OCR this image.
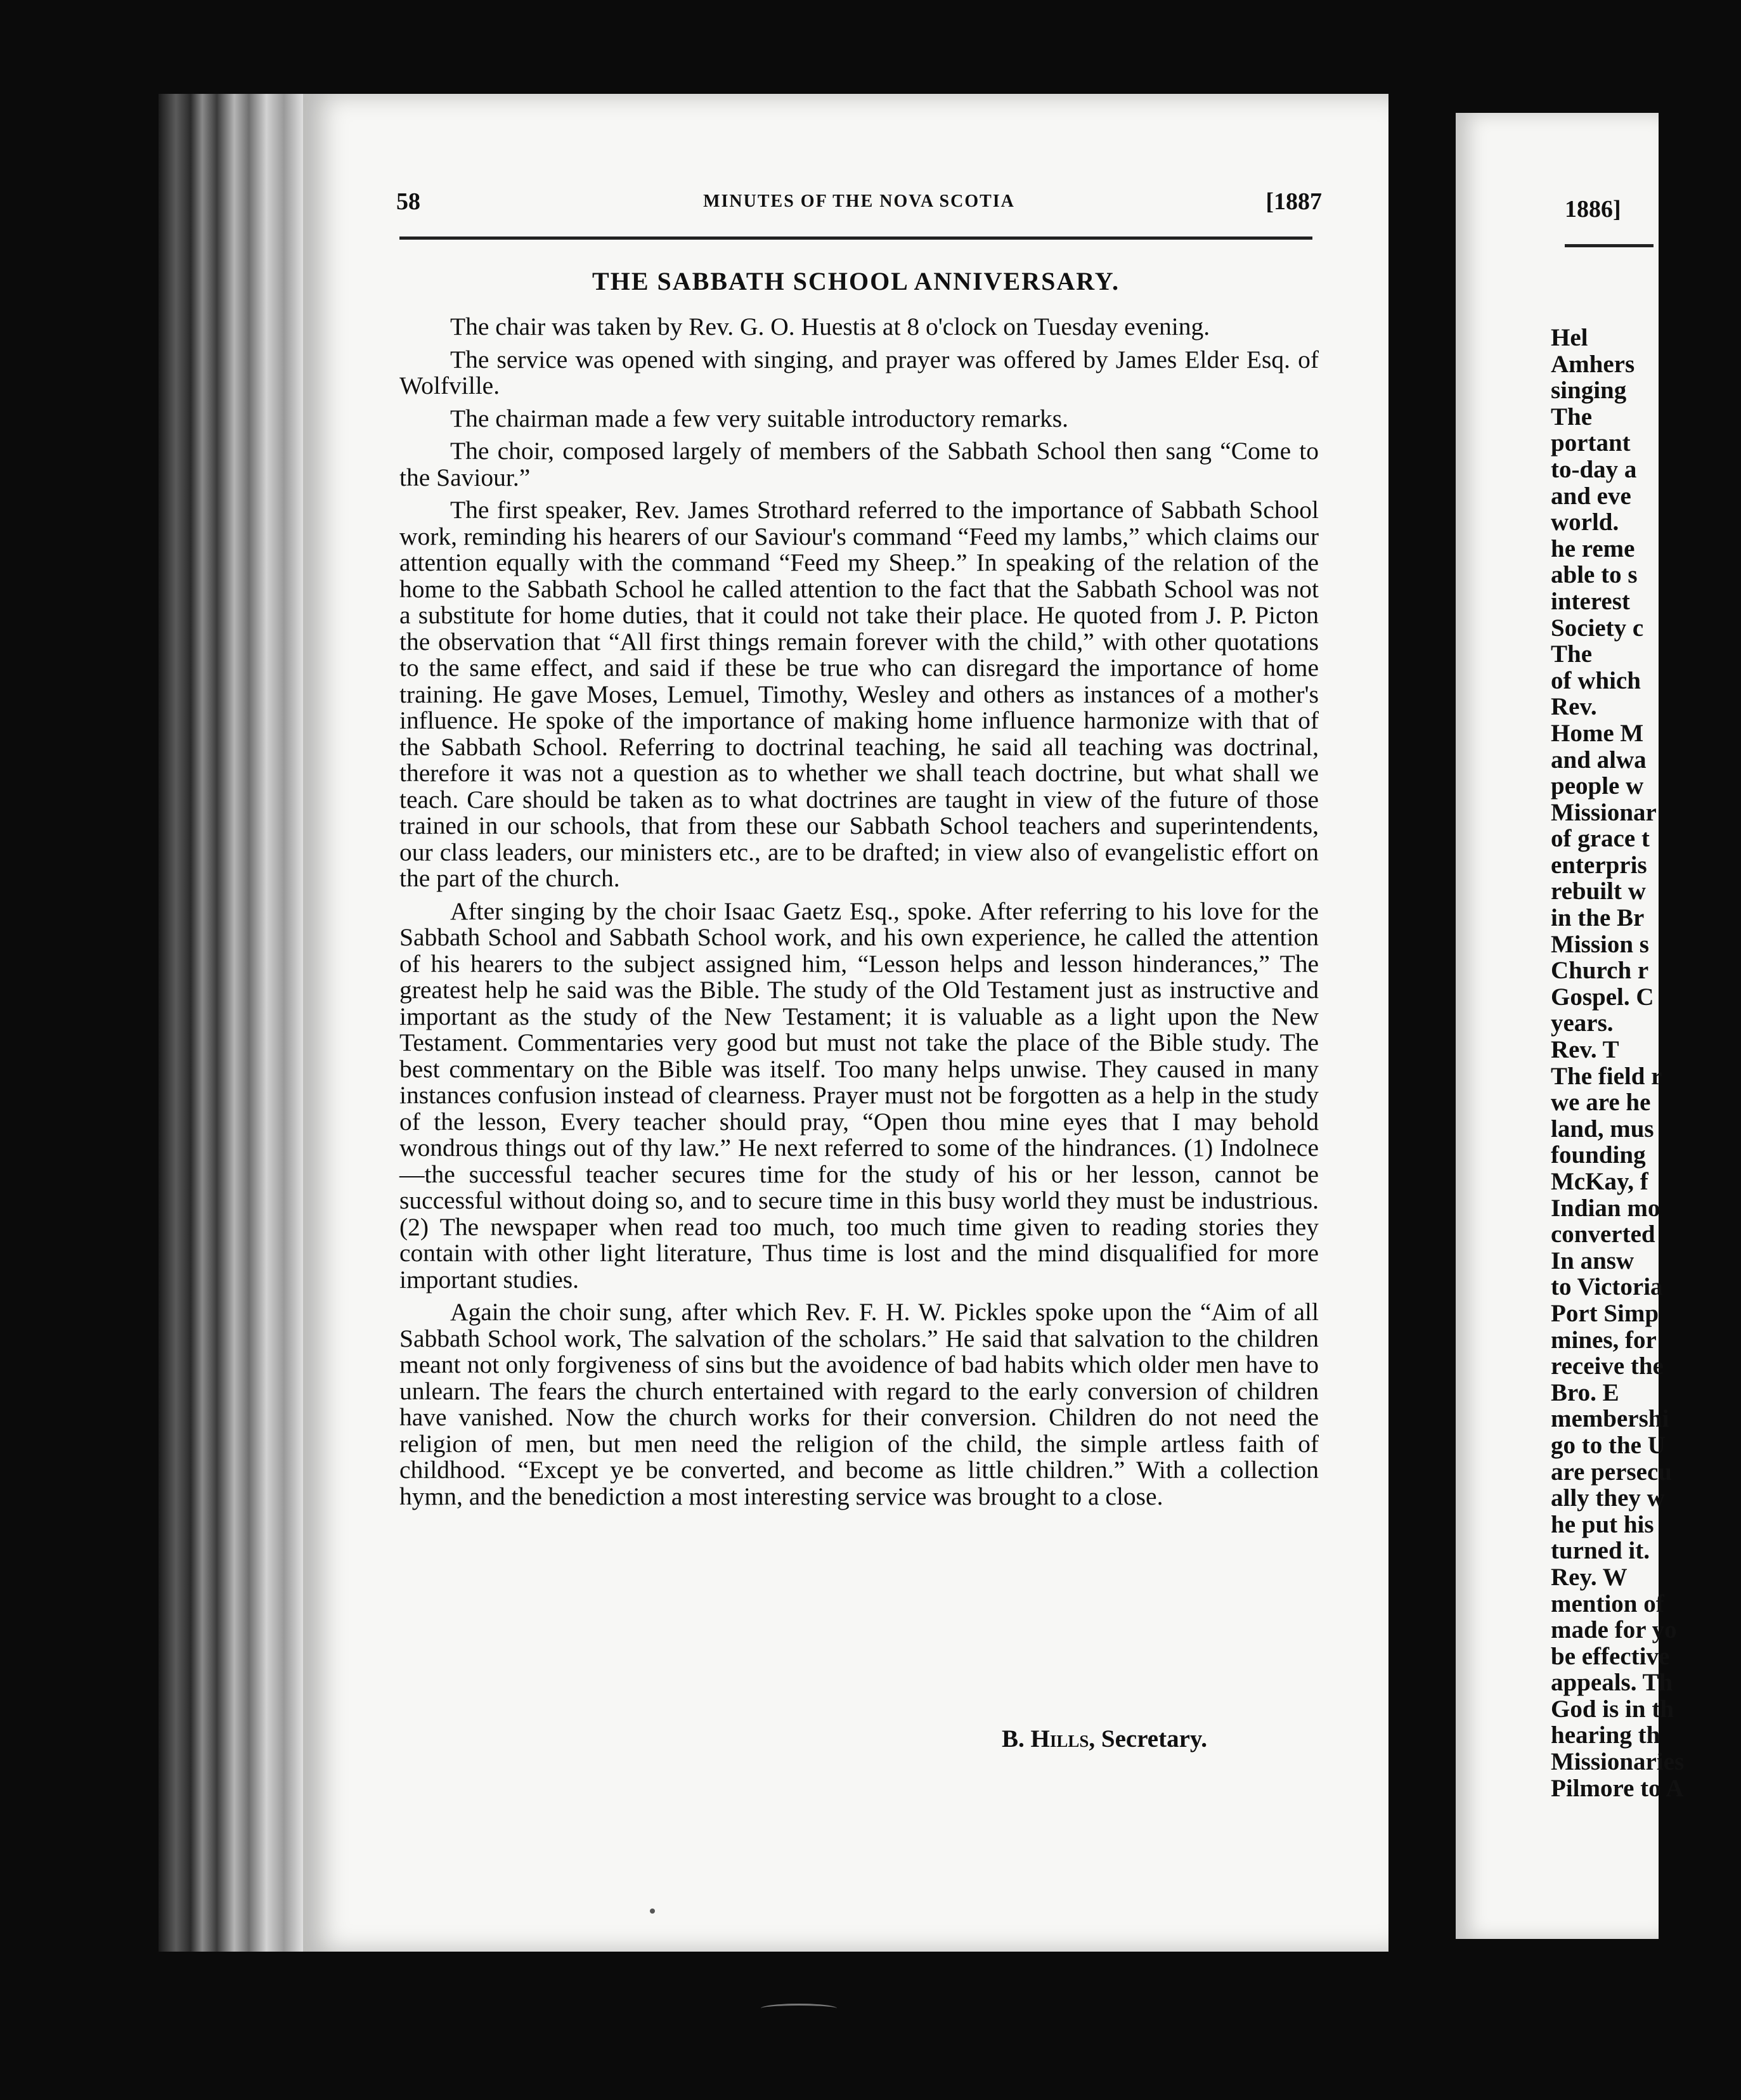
58	MINUTES OF THE NOVA SCOTIA	[1887
THE SABBATH SCHOOL ANNIVERSARY.

The chair was taken by Rev. G. O. Huestis at 8 o'clock on Tuesday evening.

The service was opened with singing, and prayer was offered by James Elder Esq. of Wolfville.

The chairman made a few very suitable introductory remarks.

The choir, composed largely of members of the Sabbath School then sang “Come to the Saviour.”

The first speaker, Rev. James Strothard referred to the importance of Sabbath School work, reminding his hearers of our Saviour's command “Feed my lambs,” which claims our attention equally with the command “Feed my Sheep.” In speaking of the relation of the home to the Sabbath School he called attention to the fact that the Sabbath School was not a substitute for home duties, that it could not take their place. He quoted from J. P. Picton the observation that “All first things remain forever with the child,” with other quotations to the same effect, and said if these be true who can disregard the importance of home training. He gave Moses, Lemuel, Timothy, Wesley and others as instances of a mother's influence. He spoke of the importance of making home influence harmonize with that of the Sabbath School. Referring to doctrinal teaching, he said all teaching was doctrinal, therefore it was not a question as to whether we shall teach doctrine, but what shall we teach. Care should be taken as to what doctrines are taught in view of the future of those trained in our schools, that from these our Sabbath School teachers and superintendents, our class leaders, our ministers etc., are to be drafted; in view also of evangelistic effort on the part of the church.

After singing by the choir Isaac Gaetz Esq., spoke. After referring to his love for the Sabbath School and Sabbath School work, and his own experience, he called the attention of his hearers to the subject assigned him, “Lesson helps and lesson hinderances,” The greatest help he said was the Bible. The study of the Old Testament just as instructive and important as the study of the New Testament; it is valuable as a light upon the New Testament. Commentaries very good but must not take the place of the Bible study. The best commentary on the Bible was itself. Too many helps unwise. They caused in many instances confusion instead of clearness. Prayer must not be forgotten as a help in the study of the lesson, Every teacher should pray, “Open thou mine eyes that I may behold wondrous things out of thy law.” He next referred to some of the hindrances. (1) Indolnece—the successful teacher secures time for the study of his or her lesson, cannot be successful without doing so, and to secure time in this busy world they must be industrious. (2) The newspaper when read too much, too much time given to reading stories they contain with other light literature, Thus time is lost and the mind disqualified for more important studies.

Again the choir sung, after which Rev. F. H. W. Pickles spoke upon the “Aim of all Sabbath School work, The salvation of the scholars.” He said that salvation to the children meant not only forgiveness of sins but the avoidence of bad habits which older men have to unlearn. The fears the church entertained with regard to the early conversion of children have vanished. Now the church works for their conversion. Children do not need the religion of men, but men need the religion of the child, the simple artless faith of childhood. “Except ye be converted, and become as little children.” With a collection hymn, and the benediction a most interesting service was brought to a close.

B. Hills, Secretary.
1886]
Hel
Amhers
singing
The
portant
to-day a
and eve
world.
he reme
able to s
interest
Society c
The
of which
Rev.
Home M
and alwa
people w
Missionar
of grace t
enterpris
rebuilt w
in the Br
Mission s
Church r
Gospel. C
years.
Rev. T
The field r
we are he
land, mus
founding
McKay, f
Indian mo
converted
In answ
to Victoria
Port Simp
mines, for
receive the
Bro. E
membershi
go to the U
are persecu
ally they w
he put his
turned it.
Rey. W
mention of
made for yo
be effective
appeals. Th
God is in th
hearing th
Missionaries
Pilmore to A
